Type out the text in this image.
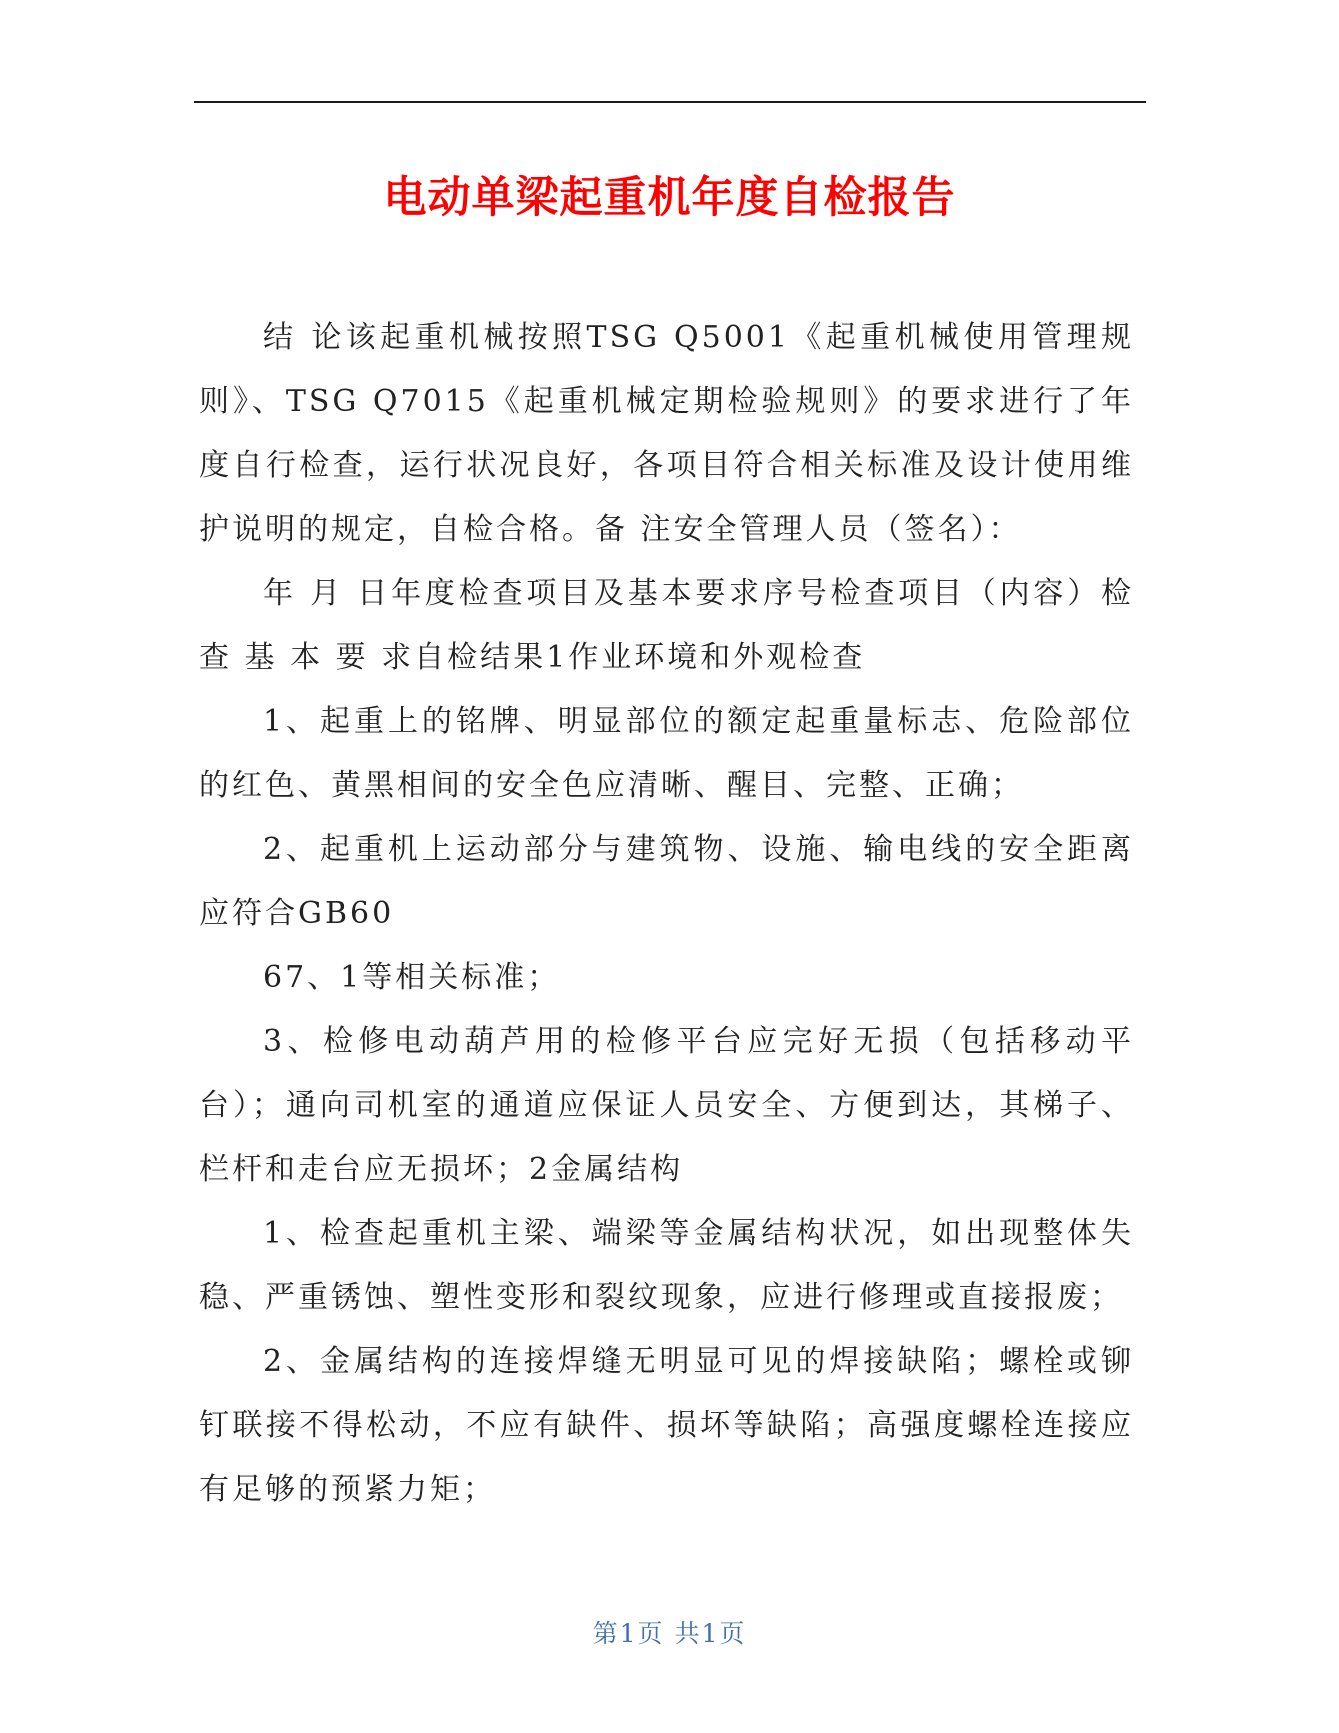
电动单梁起重机年度自检报告

结 论该起重机械按照TSG Q5001《起重机械使用管理规则》、TSG Q7015《起重机械定期检验规则》的要求进行了年度自行检查，运行状况良好，各项目符合相关标准及设计使用维护说明的规定，自检合格。备 注安全管理人员（签名）：

年 月 日年度检查项目及基本要求序号检查项目（内容）检查 基 本 要 求自检结果1作业环境和外观检查

1、起重上的铭牌、明显部位的额定起重量标志、危险部位的红色、黄黑相间的安全色应清晰、醒目、完整、正确；

2、起重机上运动部分与建筑物、设施、输电线的安全距离应符合GB60

67、1等相关标准；

3、检修电动葫芦用的检修平台应完好无损（包括移动平台）；通向司机室的通道应保证人员安全、方便到达，其梯子、栏杆和走台应无损坏；2金属结构

1、检查起重机主梁、端梁等金属结构状况，如出现整体失稳、严重锈蚀、塑性变形和裂纹现象，应进行修理或直接报废；

2、金属结构的连接焊缝无明显可见的焊接缺陷；螺栓或铆钉联接不得松动，不应有缺件、损坏等缺陷；高强度螺栓连接应有足够的预紧力矩；

第1页 共1页
